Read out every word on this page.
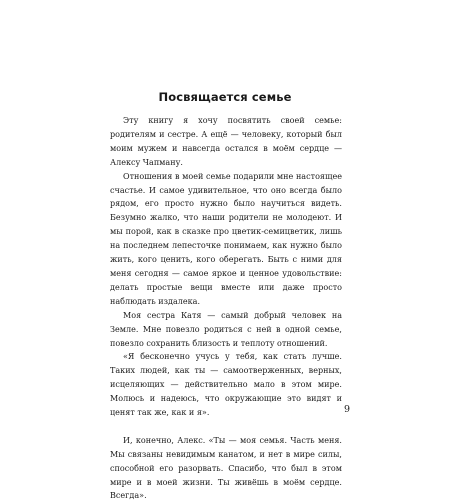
Посвящается семье

Эту книгу я хочу посвятить своей семье: родителям и сестре. А ещё — человеку, который был моим мужем и навсегда остался в моём сердце — Алексу Чапману.

Отношения в моей семье подарили мне настоящее счастье. И самое удивительное, что оно всегда было рядом, его просто нужно было научиться видеть. Безумно жалко, что наши родители не молодеют. И мы порой, как в сказке про цветик-семицветик, лишь на последнем лепесточке понимаем, как нужно было жить, кого ценить, кого оберегать. Быть с ними для меня сегодня — самое яркое и ценное удовольствие: делать простые вещи вместе или даже просто наблюдать издалека.

Моя сестра Катя — самый добрый человек на Земле. Мне повезло родиться с ней в одной семье, повезло сохранить близость и теплоту отношений.

«Я бесконечно учусь у тебя, как стать лучше. Таких людей, как ты — самоотверженных, верных, исцеляющих — действительно мало в этом мире. Молюсь и надеюсь, что окружающие это видят и ценят так же, как и я».

И, конечно, Алекс. «Ты — моя семья. Часть меня. Мы связаны невидимым канатом, и нет в мире силы, способной его разорвать. Спасибо, что был в этом мире и в моей жизни. Ты живёшь в моём сердце. Всегда».

9
